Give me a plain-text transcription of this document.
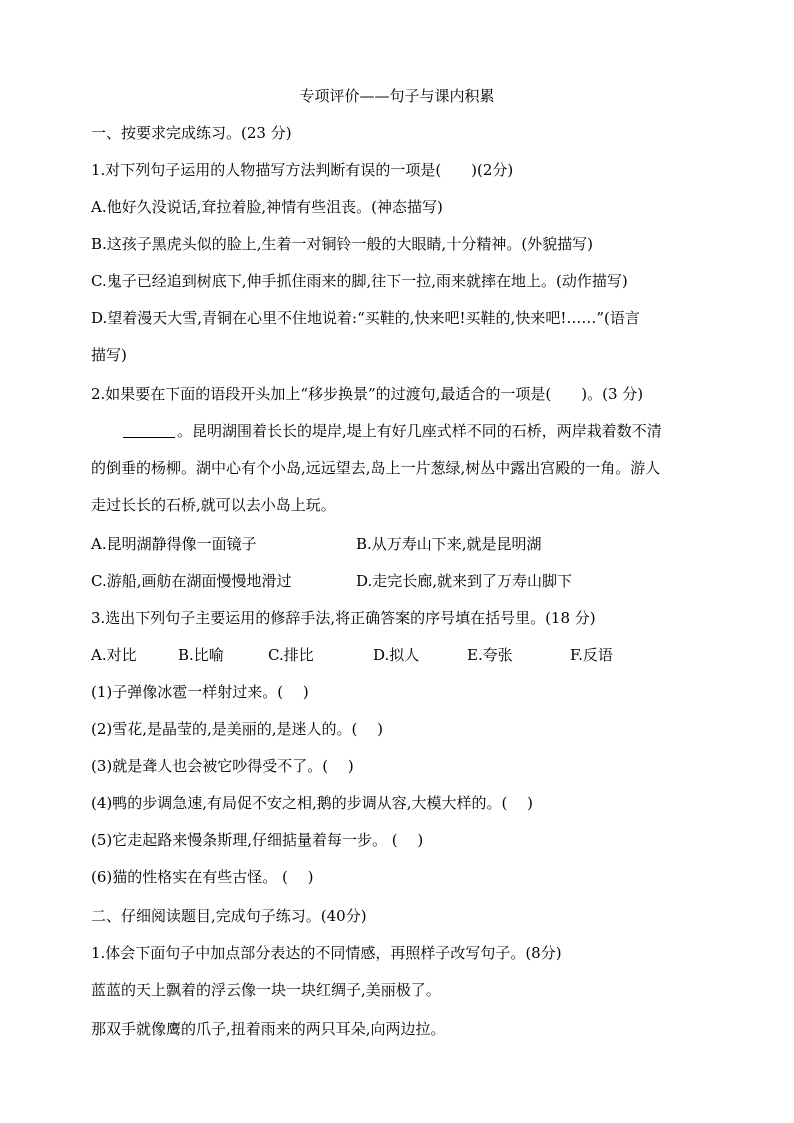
专项评价——句子与课内积累
一、按要求完成练习。(23 分)
1.对下列句子运用的人物描写方法判断有误的一项是(　　)(2分)
A.他好久没说话,耷拉着脸,神情有些沮丧。(神态描写)
B.这孩子黑虎头似的脸上,生着一对铜铃一般的大眼睛,十分精神。(外貌描写)
C.鬼子已经追到树底下,伸手抓住雨来的脚,往下一拉,雨来就摔在地上。(动作描写)
D.望着漫天大雪,青铜在心里不住地说着:“买鞋的,快来吧!买鞋的,快来吧!……”(语言
描写)
2.如果要在下面的语段开头加上“移步换景”的过渡句,最适合的一项是(　　)。(3 分)
。昆明湖围着长长的堤岸,堤上有好几座式样不同的石桥，两岸栽着数不清
的倒垂的杨柳。湖中心有个小岛,远远望去,岛上一片葱绿,树丛中露出宫殿的一角。游人
走过长长的石桥,就可以去小岛上玩。
A.昆明湖静得像一面镜子	B.从万寿山下来,就是昆明湖
C.游船,画舫在湖面慢慢地滑过	D.走完长廊,就来到了万寿山脚下
3.选出下列句子主要运用的修辞手法,将正确答案的序号填在括号里。(18 分)
A.对比	B.比喻	C.排比	D.拟人	E.夸张	F.反语
(1)子弹像冰雹一样射过来。(　 )
(2)雪花,是晶莹的,是美丽的,是迷人的。(　 )
(3)就是聋人也会被它吵得受不了。(　 )
(4)鸭的步调急速,有局促不安之相,鹅的步调从容,大模大样的。(　 )
(5)它走起路来慢条斯理,仔细掂量着每一步。 (　 )
(6)猫的性格实在有些古怪。 (　 )
二、仔细阅读题目,完成句子练习。(40分)
1.体会下面句子中加点部分表达的不同情感，再照样子改写句子。(8分)
蓝蓝的天上飘着的浮云像一块一块红绸子,美丽极了。
那双手就像鹰的爪子,扭着雨来的两只耳朵,向两边拉。
